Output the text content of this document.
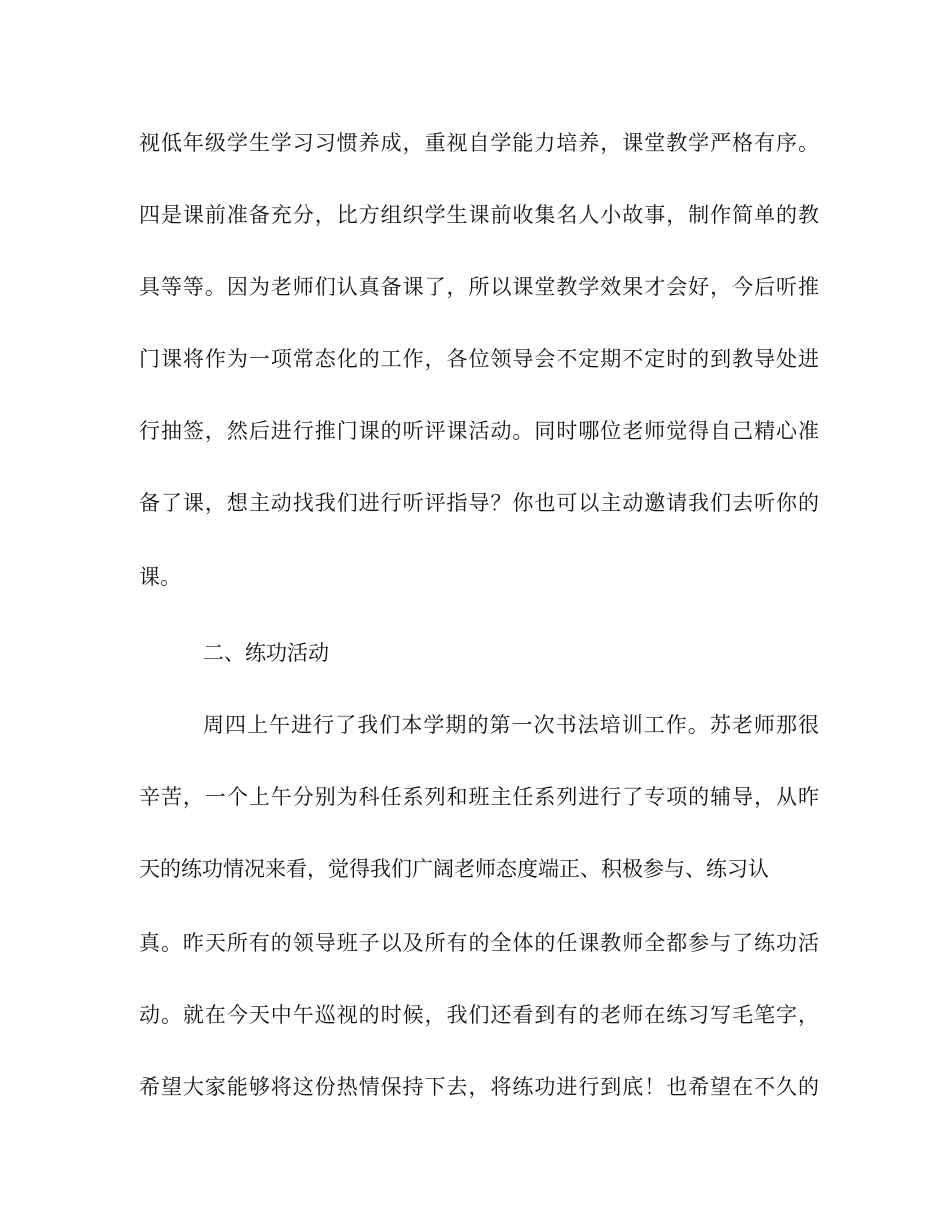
视低年级学生学习习惯养成，重视自学能力培养，课堂教学严格有序。
四是课前准备充分，比方组织学生课前收集名人小故事，制作简单的教
具等等。因为老师们认真备课了，所以课堂教学效果才会好，今后听推
门课将作为一项常态化的工作，各位领导会不定期不定时的到教导处进
行抽签，然后进行推门课的听评课活动。同时哪位老师觉得自己精心准
备了课，想主动找我们进行听评指导？你也可以主动邀请我们去听你的
课。
二、练功活动
周四上午进行了我们本学期的第一次书法培训工作。苏老师那很
辛苦，一个上午分别为科任系列和班主任系列进行了专项的辅导，从昨
天的练功情况来看，觉得我们广阔老师态度端正、积极参与、练习认
真。昨天所有的领导班子以及所有的全体的任课教师全都参与了练功活
动。就在今天中午巡视的时候，我们还看到有的老师在练习写毛笔字，
希望大家能够将这份热情保持下去，将练功进行到底！也希望在不久的
